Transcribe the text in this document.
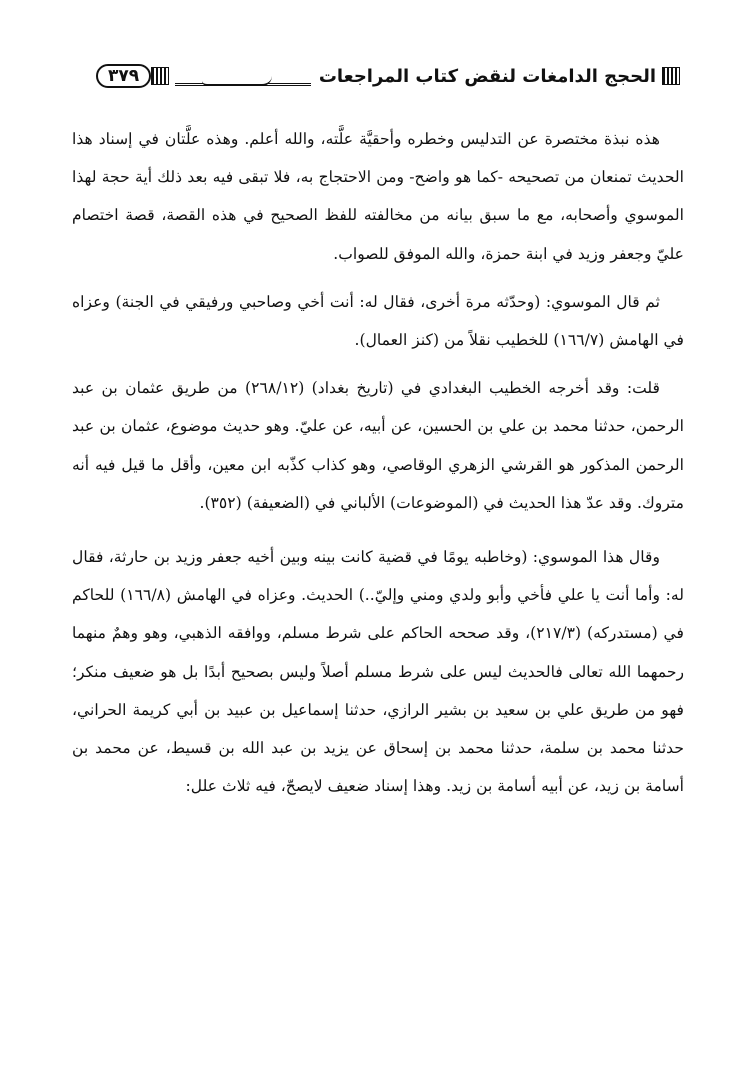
الحجج الدامغات لنقض كتاب المراجعات
٣٧٩

هذه نبذة مختصرة عن التدليس وخطره وأحقيَّة علَّته، والله أعلم. وهذه علَّتان في إسناد هذا الحديث تمنعان من تصحيحه -كما هو واضح- ومن الاحتجاج به، فلا تبقى فيه بعد ذلك أية حجة لهذا الموسوي وأصحابه، مع ما سبق بيانه من مخالفته للفظ الصحيح في هذه القصة، قصة اختصام عليّ وجعفر وزيد في ابنة حمزة، والله الموفق للصواب.

ثم قال الموسوي: (وحدّثه مرة أخرى، فقال له: أنت أخي وصاحبي ورفيقي في الجنة) وعزاه في الهامش (١٦٦/٧) للخطيب نقلاً من (كنز العمال).

قلت: وقد أخرجه الخطيب البغدادي في (تاريخ بغداد) (٢٦٨/١٢) من طريق عثمان بن عبد الرحمن، حدثنا محمد بن علي بن الحسين، عن أبيه، عن عليّ. وهو حديث موضوع، عثمان بن عبد الرحمن المذكور هو القرشي الزهري الوقاصي، وهو كذاب كذّبه ابن معين، وأقل ما قيل فيه أنه متروك. وقد عدّ هذا الحديث في (الموضوعات) الألباني في (الضعيفة) (٣٥٢).

وقال هذا الموسوي: (وخاطبه يومًا في قضية كانت بينه وبين أخيه جعفر وزيد بن حارثة، فقال له: وأما أنت يا علي فأخي وأبو ولدي ومني وإليّ..) الحديث. وعزاه في الهامش (١٦٦/٨) للحاكم في (مستدركه) (٢١٧/٣)، وقد صححه الحاكم على شرط مسلم، ووافقه الذهبي، وهو وهمٌ منهما رحمهما الله تعالى فالحديث ليس على شرط مسلم أصلاً وليس بصحيح أبدًا بل هو ضعيف منكر؛ فهو من طريق علي بن سعيد بن بشير الرازي، حدثنا إسماعيل بن عبيد بن أبي كريمة الحراني، حدثنا محمد بن سلمة، حدثنا محمد بن إسحاق عن يزيد بن عبد الله بن قسيط، عن محمد بن أسامة بن زيد، عن أبيه أسامة بن زيد. وهذا إسناد ضعيف لايصحّ، فيه ثلاث علل:
